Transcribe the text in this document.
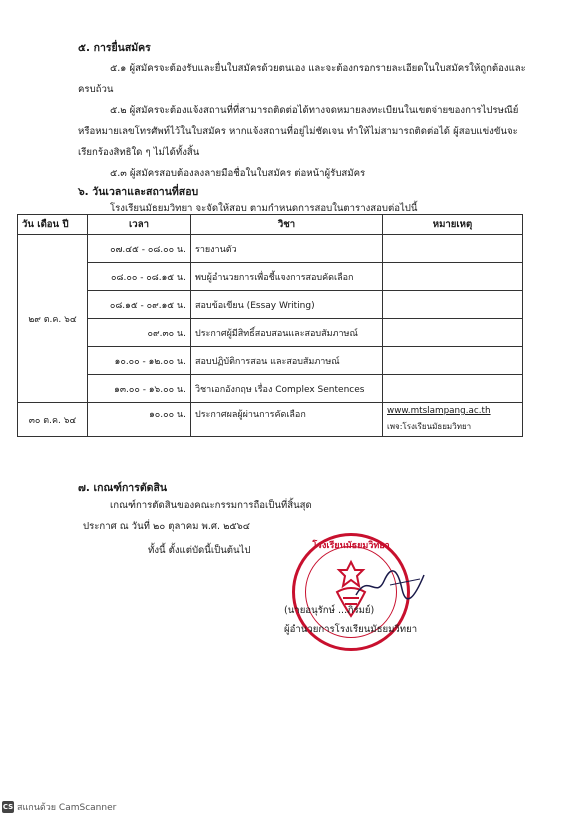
๕. การยื่นสมัคร
๕.๑ ผู้สมัครจะต้องรับและยื่นใบสมัครด้วยตนเอง และจะต้องกรอกรายละเอียดในใบสมัครให้ถูกต้องและ
ครบถ้วน
๕.๒ ผู้สมัครจะต้องแจ้งสถานที่ที่สามารถติดต่อได้ทางจดหมายลงทะเบียนในเขตจ่ายของการไปรษณีย์
หรือหมายเลขโทรศัพท์ไว้ในใบสมัคร หากแจ้งสถานที่อยู่ไม่ชัดเจน ทำให้ไม่สามารถติดต่อได้ ผู้สอบแข่งขันจะ
เรียกร้องสิทธิใด ๆ ไม่ได้ทั้งสิ้น
๕.๓ ผู้สมัครสอบต้องลงลายมือชื่อในใบสมัคร ต่อหน้าผู้รับสมัคร
๖. วันเวลาและสถานที่สอบ
โรงเรียนมัธยมวิทยา จะจัดให้สอบ ตามกำหนดการสอบในตารางสอบต่อไปนี้
วัน เดือน ปี	เวลา	วิชา	หมายเหตุ
๒๙ ต.ค. ๖๔	๐๗.๔๕ - ๐๘.๐๐ น.	รายงานตัว	
	๐๘.๐๐ - ๐๘.๑๕ น.	พบผู้อำนวยการเพื่อชี้แจงการสอบคัดเลือก	
	๐๘.๑๕ - ๐๙.๑๕ น.	สอบข้อเขียน (Essay Writing)	
	๐๙.๓๐ น.	ประกาศผู้มีสิทธิ์สอบสอนและสอบสัมภาษณ์	
	๑๐.๐๐ - ๑๒.๐๐ น.	สอบปฏิบัติการสอน และสอบสัมภาษณ์	
	๑๓.๐๐ - ๑๖.๐๐ น.	วิชาเอกอังกฤษ เรื่อง Complex Sentences	
๓๐ ต.ค. ๖๔	๑๐.๐๐ น.	ประกาศผลผู้ผ่านการคัดเลือก	www.mtslampang.ac.th
เพจ:โรงเรียนมัธยมวิทยา
๗. เกณฑ์การตัดสิน
เกณฑ์การตัดสินของคณะกรรมการถือเป็นที่สิ้นสุด
ประกาศ ณ วันที่ ๒๐ ตุลาคม พ.ศ. ๒๕๖๔
ทั้งนี้ ตั้งแต่บัดนี้เป็นต้นไป	โรงเรียนมัธยมวิทยา
(นายอนุรักษ์ ...ภิรมย์)
ผู้อำนวยการโรงเรียนมัธยมวิทยา
CS สแกนด้วย CamScanner
